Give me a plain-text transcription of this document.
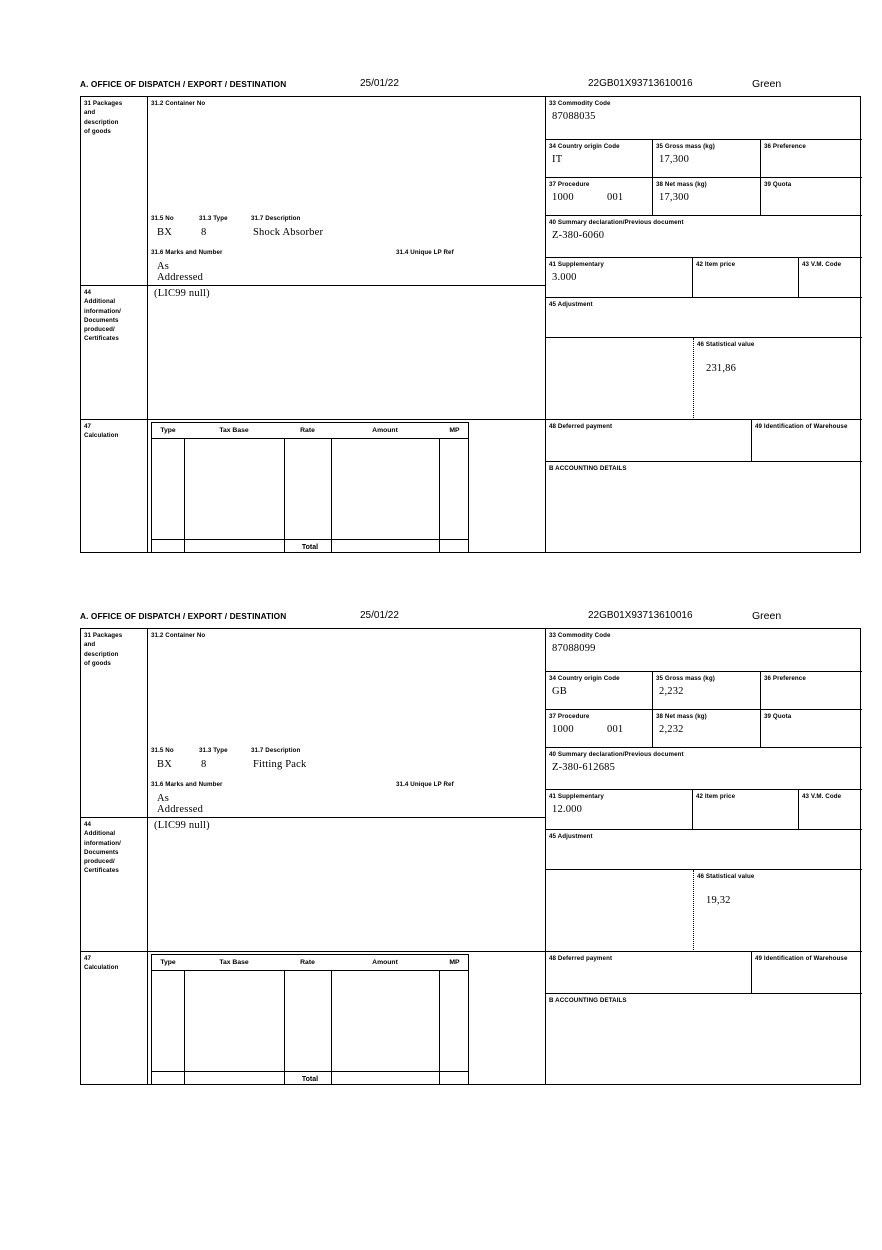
A. OFFICE OF DISPATCH / EXPORT / DESTINATION	25/01/22	22GB01X93713610016	Green
31 Packages
and
description
of goods
31.2 Container No
31.5 No	31.3 Type	31.7 Description
BX	8	Shock Absorber
31.6 Marks and Number	31.4 Unique LP Ref
As Addressed
44
Additional
information/
Documents
produced/
Certificates
(LIC99 null)
33 Commodity Code
87088035
34 Country origin Code
IT
35 Gross mass (kg)
17,300
36 Preference
37 Procedure
1000	001
38 Net mass (kg)
17,300
39 Quota
40 Summary declaration/Previous document
Z-380-6060
41 Supplementary
3.000
42 Item price	43 V.M. Code
45 Adjustment
46 Statistical value
231,86
47
Calculation
Type	Tax Base	Rate	Amount	MP
Total
48 Deferred payment	49 Identification of Warehouse
B ACCOUNTING DETAILS
A. OFFICE OF DISPATCH / EXPORT / DESTINATION	25/01/22	22GB01X93713610016	Green
31 Packages
and
description
of goods
31.2 Container No
31.5 No	31.3 Type	31.7 Description
BX	8	Fitting Pack
31.6 Marks and Number	31.4 Unique LP Ref
As Addressed
44
Additional
information/
Documents
produced/
Certificates
(LIC99 null)
33 Commodity Code
87088099
34 Country origin Code
GB
35 Gross mass (kg)
2,232
36 Preference
37 Procedure
1000	001
38 Net mass (kg)
2,232
39 Quota
40 Summary declaration/Previous document
Z-380-612685
41 Supplementary
12.000
42 Item price	43 V.M. Code
45 Adjustment
46 Statistical value
19,32
47
Calculation
Type	Tax Base	Rate	Amount	MP
Total
48 Deferred payment	49 Identification of Warehouse
B ACCOUNTING DETAILS
